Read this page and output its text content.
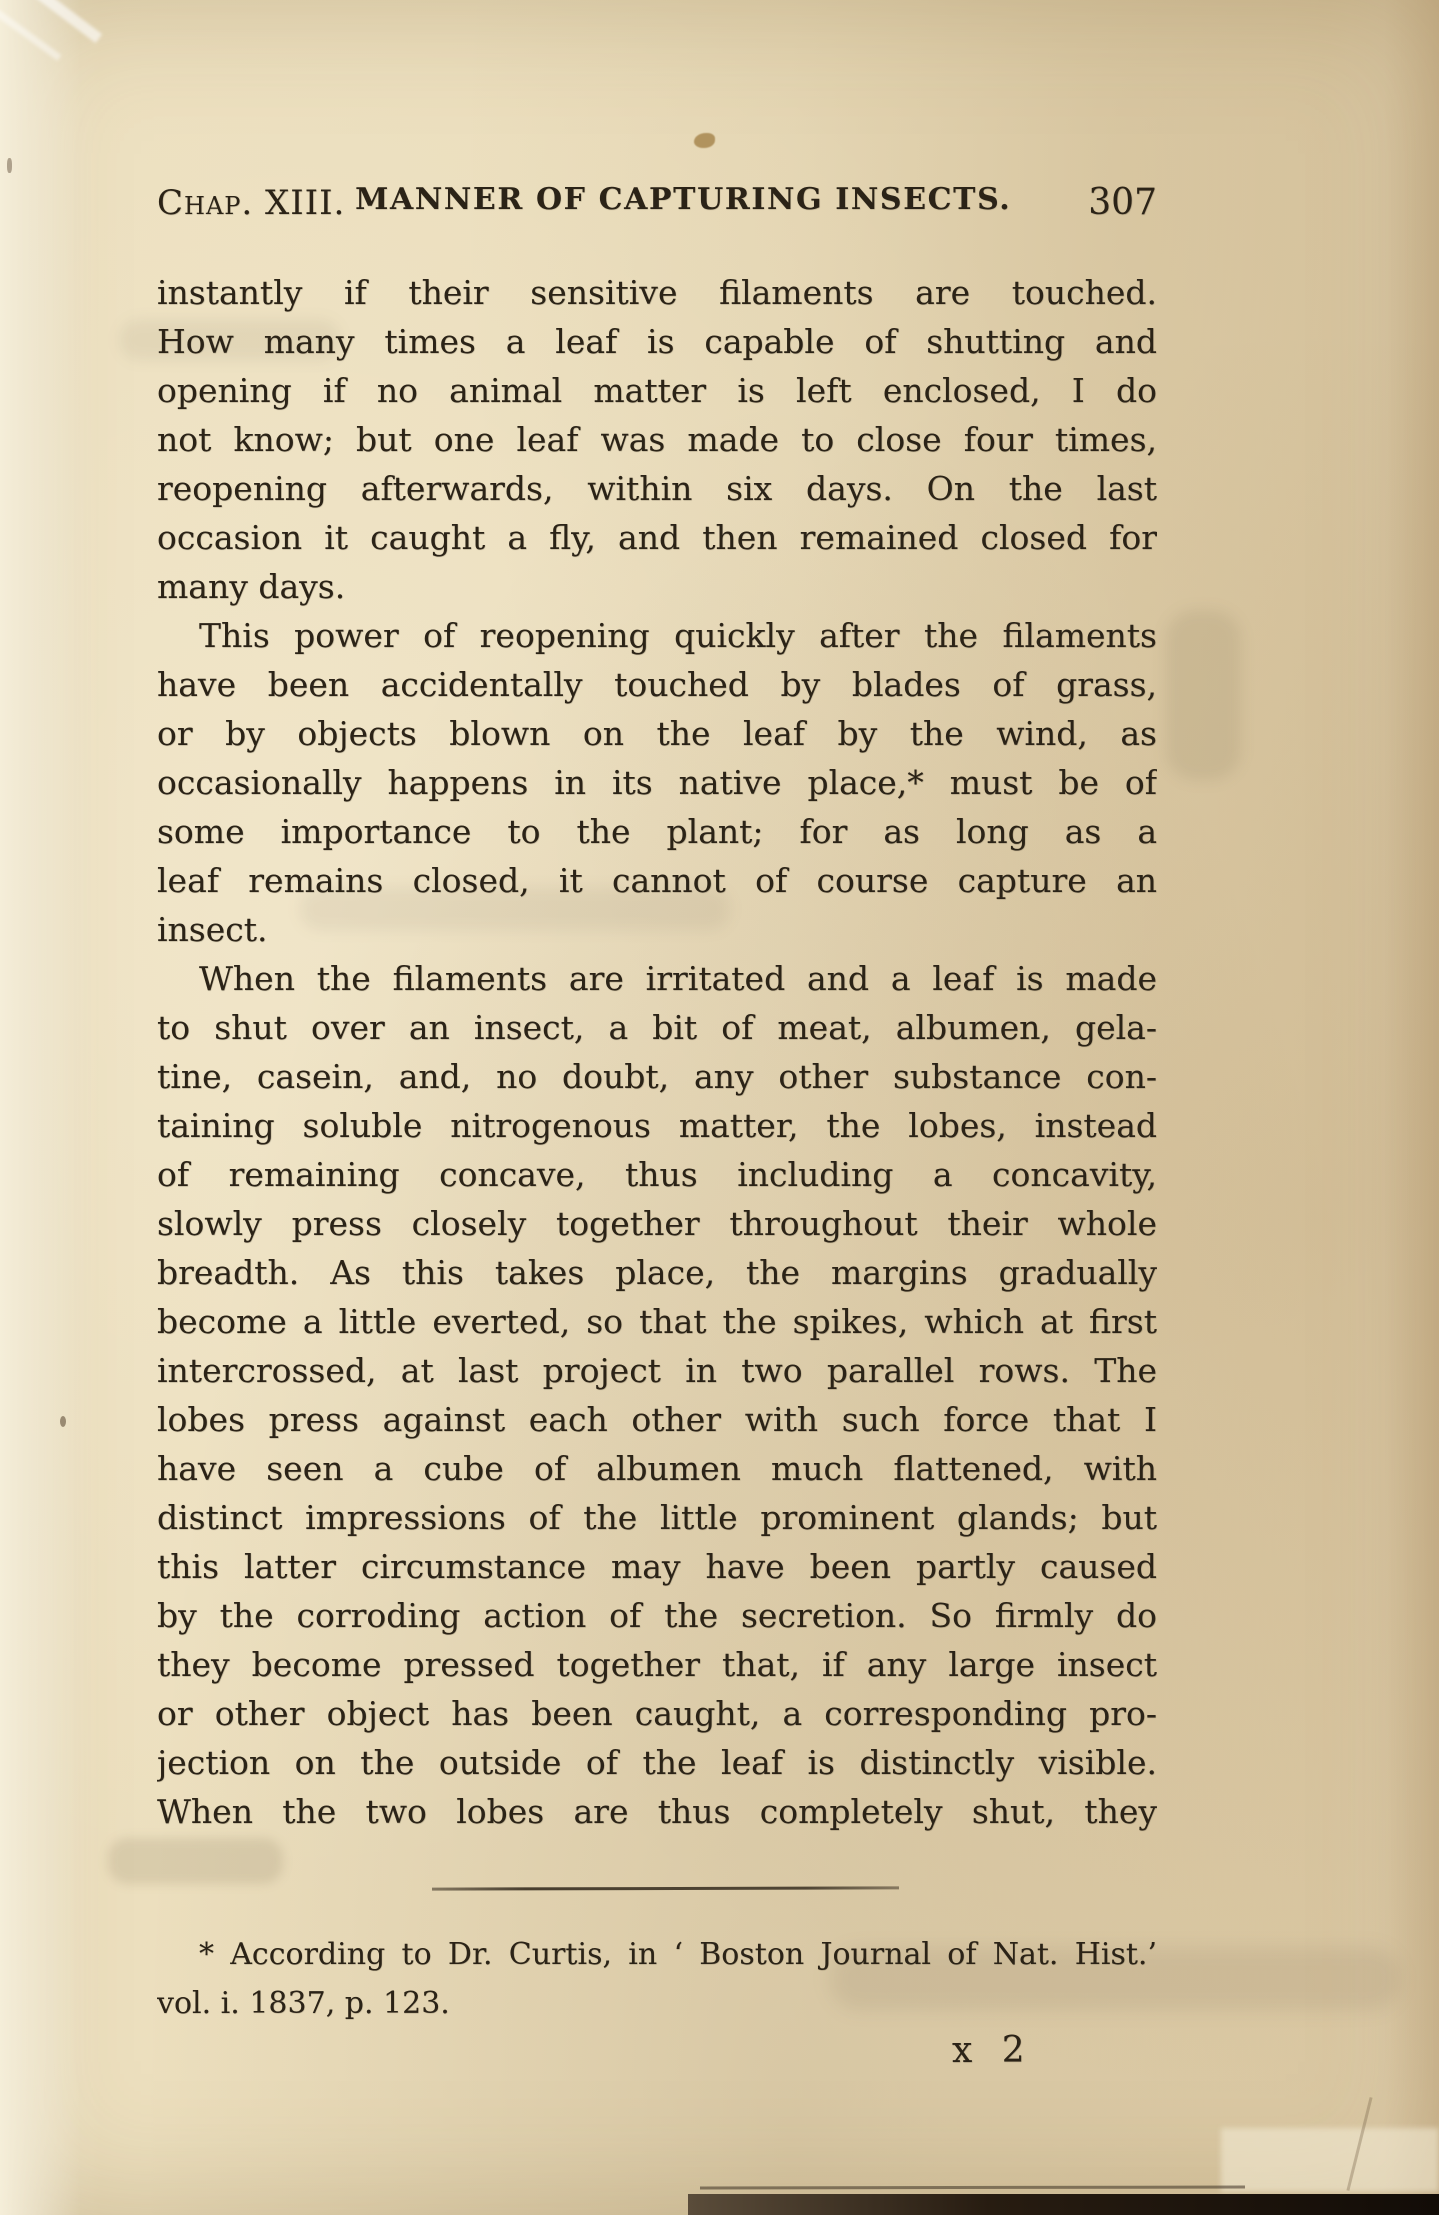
Chap. XIII. MANNER OF CAPTURING INSECTS. 307
instantly if their sensitive filaments are touched.
How many times a leaf is capable of shutting and
opening if no animal matter is left enclosed, I do
not know; but one leaf was made to close four times,
reopening afterwards, within six days. On the last
occasion it caught a fly, and then remained closed for
many days.
This power of reopening quickly after the filaments
have been accidentally touched by blades of grass,
or by objects blown on the leaf by the wind, as
occasionally happens in its native place,* must be of
some importance to the plant; for as long as a
leaf remains closed, it cannot of course capture an
insect.
When the filaments are irritated and a leaf is made
to shut over an insect, a bit of meat, albumen, gela-
tine, casein, and, no doubt, any other substance con-
taining soluble nitrogenous matter, the lobes, instead
of remaining concave, thus including a concavity,
slowly press closely together throughout their whole
breadth. As this takes place, the margins gradually
become a little everted, so that the spikes, which at first
intercrossed, at last project in two parallel rows. The
lobes press against each other with such force that I
have seen a cube of albumen much flattened, with
distinct impressions of the little prominent glands; but
this latter circumstance may have been partly caused
by the corroding action of the secretion. So firmly do
they become pressed together that, if any large insect
or other object has been caught, a corresponding pro-
jection on the outside of the leaf is distinctly visible.
When the two lobes are thus completely shut, they
* According to Dr. Curtis, in ‘ Boston Journal of Nat. Hist.’
vol. i. 1837, p. 123.
x 2
